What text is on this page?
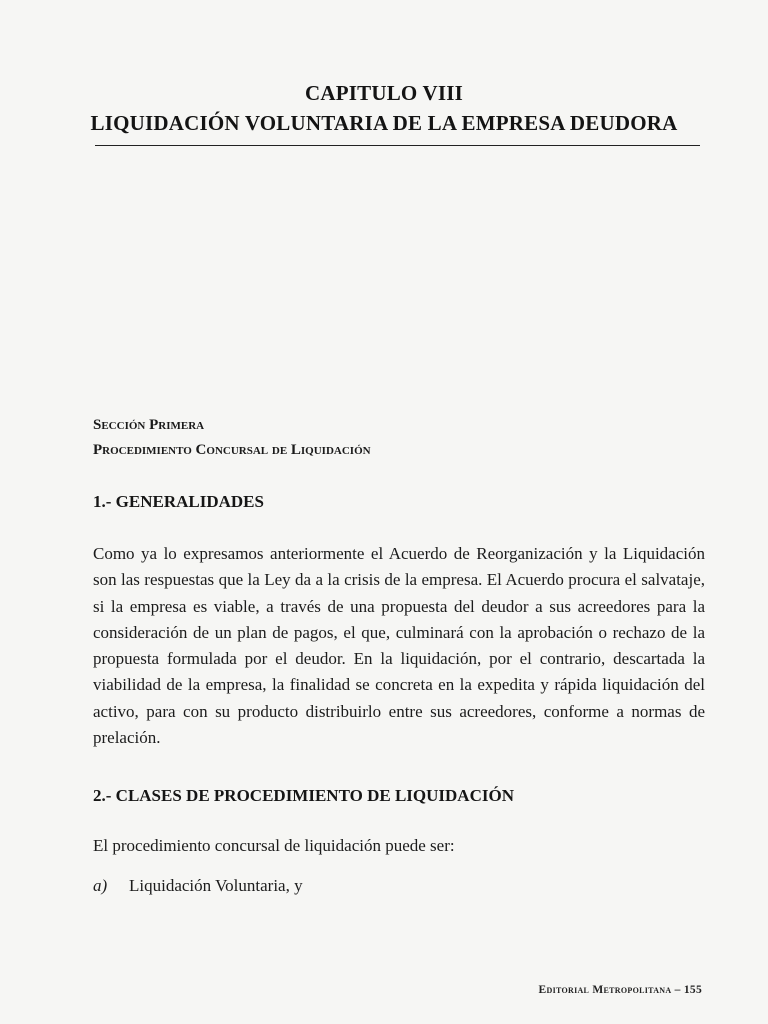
CAPITULO VIII
LIQUIDACIÓN VOLUNTARIA DE LA EMPRESA DEUDORA
Sección Primera
Procedimiento Concursal de Liquidación
1.- GENERALIDADES
Como ya lo expresamos anteriormente el Acuerdo de Reorganización y la Liquidación son las respuestas que la Ley da a la crisis de la empresa. El Acuerdo procura el salvataje, si la empresa es viable, a través de una propuesta del deudor a sus acreedores para la consideración de un plan de pagos, el que, culminará con la aprobación o rechazo de la propuesta formulada por el deudor. En la liquidación, por el contrario, descartada la viabilidad de la empresa, la finalidad se concreta en la expedita y rápida liquidación del activo, para con su producto distribuirlo entre sus acreedores, conforme a normas de prelación.
2.- CLASES DE PROCEDIMIENTO DE LIQUIDACIÓN
El procedimiento concursal de liquidación puede ser:
a) Liquidación Voluntaria, y
Editorial Metropolitana – 155
